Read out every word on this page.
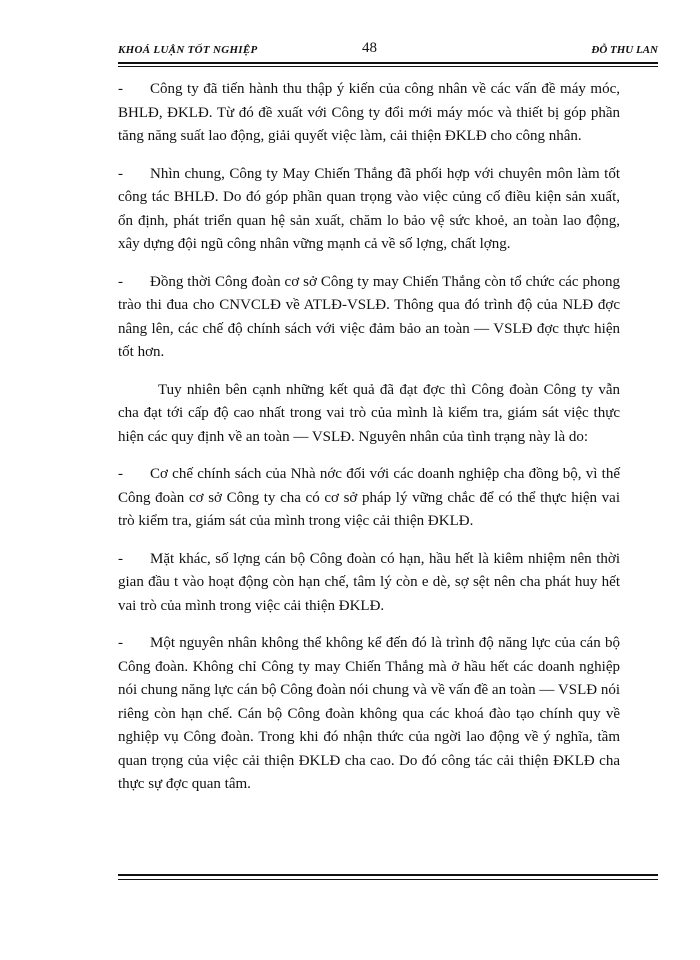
KHOÁ LUẬN TỐT NGHIỆP	48	ĐỖ THU LAN

- Công ty đã tiến hành thu thập ý kiến của công nhân về các vấn đề máy móc, BHLĐ, ĐKLĐ. Từ đó đề xuất với Công ty đổi mới máy móc và thiết bị góp phần tăng năng suất lao động, giải quyết việc làm, cải thiện ĐKLĐ cho công nhân.

- Nhìn chung, Công ty May Chiến Thắng đã phối hợp với chuyên môn làm tốt công tác BHLĐ. Do đó góp phần quan trọng vào việc củng cố điều kiện sản xuất, ổn định, phát triển quan hệ sản xuất, chăm lo bảo vệ sức khoẻ, an toàn lao động, xây dựng đội ngũ công nhân vững mạnh cả về số lợng, chất lợng.

- Đồng thời Công đoàn cơ sở Công ty may Chiến Thắng còn tổ chức các phong trào thi đua cho CNVCLĐ về ATLĐ-VSLĐ. Thông qua đó trình độ của NLĐ đợc nâng lên, các chế độ chính sách với việc đảm bảo an toàn — VSLĐ đợc thực hiện tốt hơn.

Tuy nhiên bên cạnh những kết quả đã đạt đợc thì Công đoàn Công ty vẫn cha đạt tới cấp độ cao nhất trong vai trò của mình là kiểm tra, giám sát việc thực hiện các quy định về an toàn — VSLĐ. Nguyên nhân của tình trạng này là do:

- Cơ chế chính sách của Nhà nớc đối với các doanh nghiệp cha đồng bộ, vì thế Công đoàn cơ sở Công ty cha có cơ sở pháp lý vững chắc để có thể thực hiện vai trò kiểm tra, giám sát của mình trong việc cải thiện ĐKLĐ.

- Mặt khác, số lợng cán bộ Công đoàn có hạn, hầu hết là kiêm nhiệm nên thời gian đầu t vào hoạt động còn hạn chế, tâm lý còn e dè, sợ sệt nên cha phát huy hết vai trò của mình trong việc cải thiện ĐKLĐ.

- Một nguyên nhân không thể không kể đến đó là trình độ năng lực của cán bộ Công đoàn. Không chỉ Công ty may Chiến Thắng mà ở hầu hết các doanh nghiệp nói chung năng lực cán bộ Công đoàn nói chung và về vấn đề an toàn — VSLĐ nói riêng còn hạn chế. Cán bộ Công đoàn không qua các khoá đào tạo chính quy về nghiệp vụ Công đoàn. Trong khi đó nhận thức của ngời lao động về ý nghĩa, tầm quan trọng của việc cải thiện ĐKLĐ cha cao. Do đó công tác cải thiện ĐKLĐ cha thực sự đợc quan tâm.
